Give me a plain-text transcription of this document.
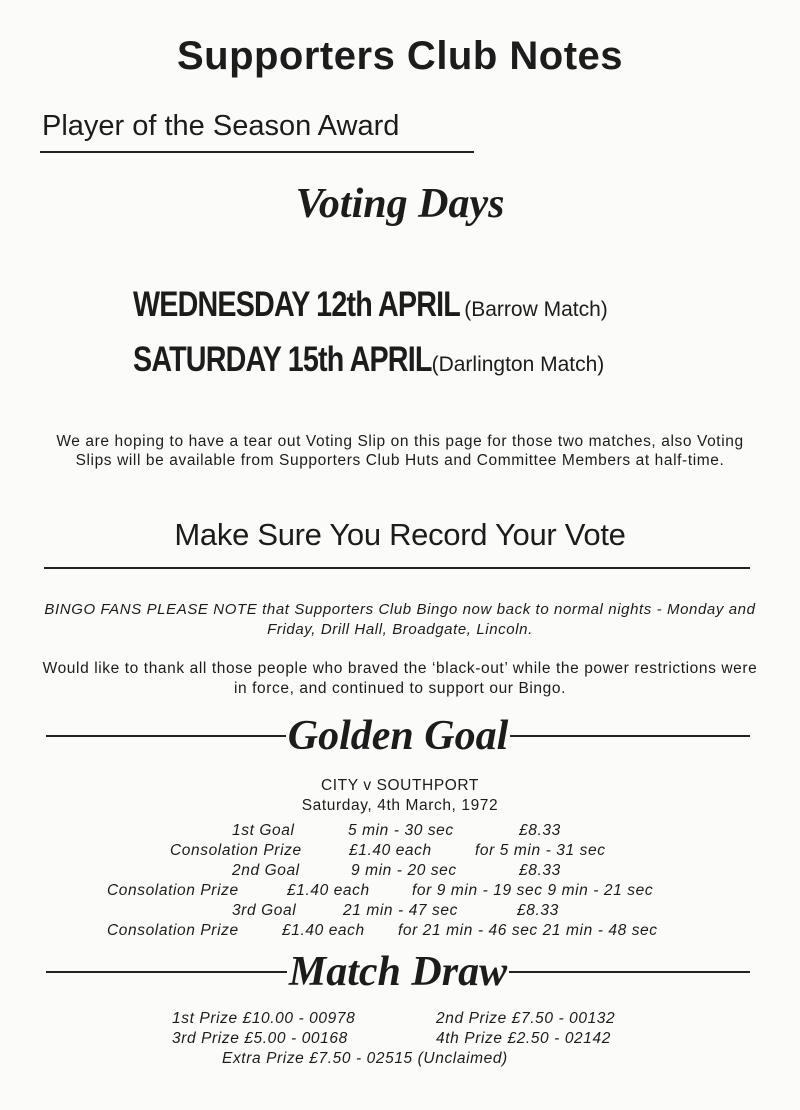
Supporters Club Notes
Player of the Season Award
Voting Days
WEDNESDAY 12th APRIL (Barrow Match)
SATURDAY 15th APRIL (Darlington Match)
We are hoping to have a tear out Voting Slip on this page for those two matches, also Voting Slips will be available from Supporters Club Huts and Committee Members at half-time.
Make Sure You Record Your Vote
BINGO FANS PLEASE NOTE that Supporters Club Bingo now back to normal nights - Monday and Friday, Drill Hall, Broadgate, Lincoln.
Would like to thank all those people who braved the ‘black-out’ while the power restrictions were in force, and continued to support our Bingo.
Golden Goal
CITY v SOUTHPORT
Saturday, 4th March, 1972
1st Goal	5 min - 30 sec	£8.33
Consolation Prize	£1.40 each	for 5 min - 31 sec
2nd Goal	9 min - 20 sec	£8.33
Consolation Prize	£1.40 each	for 9 min - 19 sec 9 min - 21 sec
3rd Goal	21 min - 47 sec	£8.33
Consolation Prize	£1.40 each for 21 min - 46 sec 21 min - 48 sec
Match Draw
1st Prize £10.00 - 00978	2nd Prize £7.50 - 00132
3rd Prize £5.00 - 00168	4th Prize £2.50 - 02142
Extra Prize £7.50 - 02515 (Unclaimed)
